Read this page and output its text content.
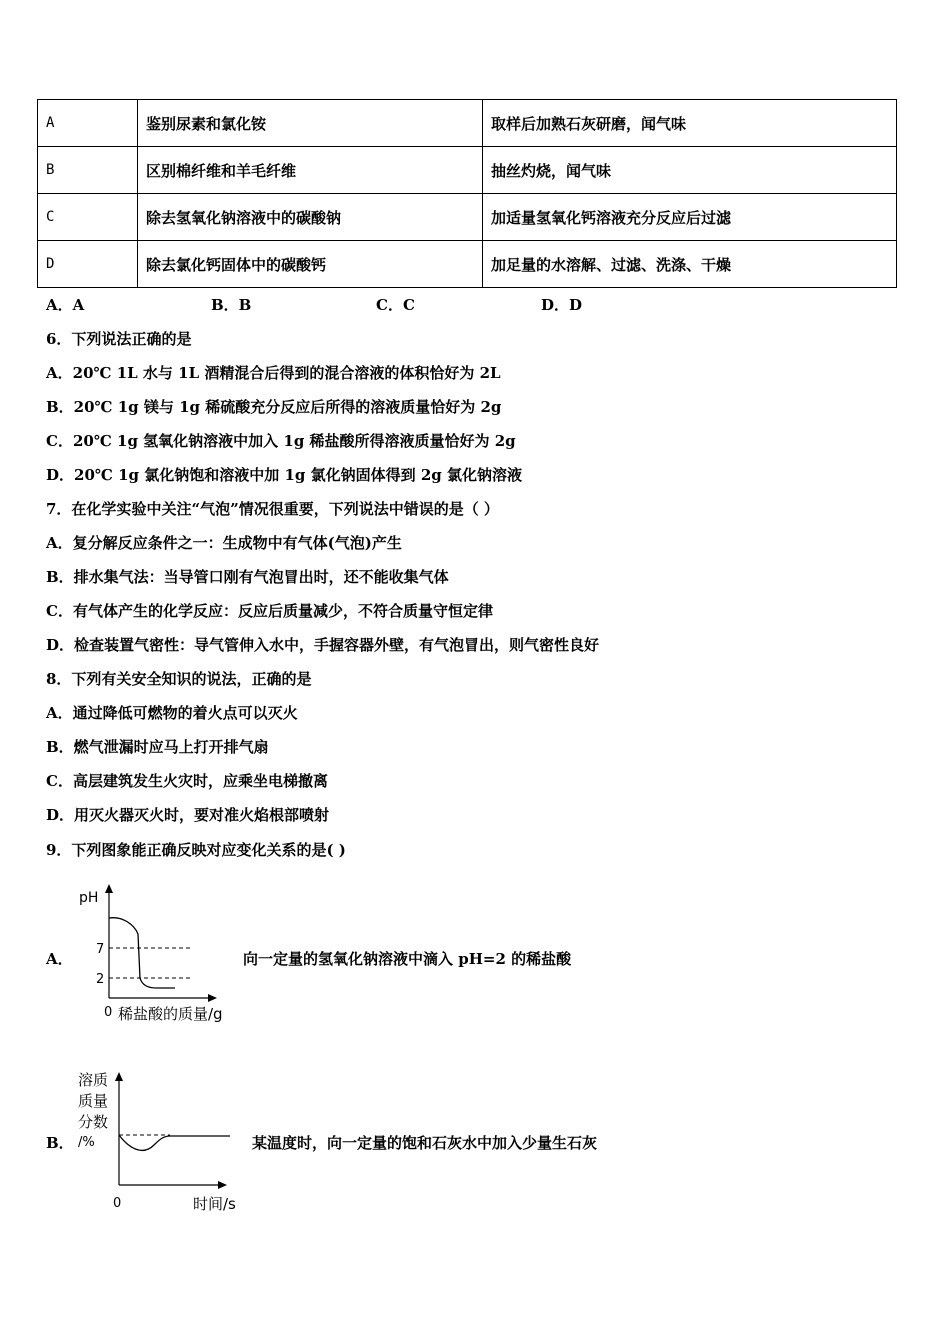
A	鉴别尿素和氯化铵	取样后加熟石灰研磨，闻气味
B	区别棉纤维和羊毛纤维	抽丝灼烧，闻气味
C	除去氢氧化钠溶液中的碳酸钠	加适量氢氧化钙溶液充分反应后过滤
D	除去氯化钙固体中的碳酸钙	加足量的水溶解、过滤、洗涤、干燥
A．A	B．B	C．C	D．D
6．下列说法正确的是
A．20℃ 1L 水与 1L 酒精混合后得到的混合溶液的体积恰好为 2L
B．20℃ 1g 镁与 1g 稀硫酸充分反应后所得的溶液质量恰好为 2g
C．20℃ 1g 氢氧化钠溶液中加入 1g 稀盐酸所得溶液质量恰好为 2g
D．20℃ 1g 氯化钠饱和溶液中加 1g 氯化钠固体得到 2g 氯化钠溶液
7．在化学实验中关注“气泡”情况很重要，下列说法中错误的是（ ）
A．复分解反应条件之一：生成物中有气体(气泡)产生
B．排水集气法：当导管口刚有气泡冒出时，还不能收集气体
C．有气体产生的化学反应：反应后质量减少，不符合质量守恒定律
D．检查装置气密性：导气管伸入水中，手握容器外壁，有气泡冒出，则气密性良好
8．下列有关安全知识的说法，正确的是
A．通过降低可燃物的着火点可以灭火
B．燃气泄漏时应马上打开排气扇
C．高层建筑发生火灾时，应乘坐电梯撤离
D．用灭火器灭火时，要对准火焰根部喷射
9．下列图象能正确反映对应变化关系的是( )
A．
pH
7
2
0 稀盐酸的质量/g
向一定量的氢氧化钠溶液中滴入 pH=2 的稀盐酸
B．
溶质
质量
分数
/%
0	时间/s
某温度时，向一定量的饱和石灰水中加入少量生石灰
